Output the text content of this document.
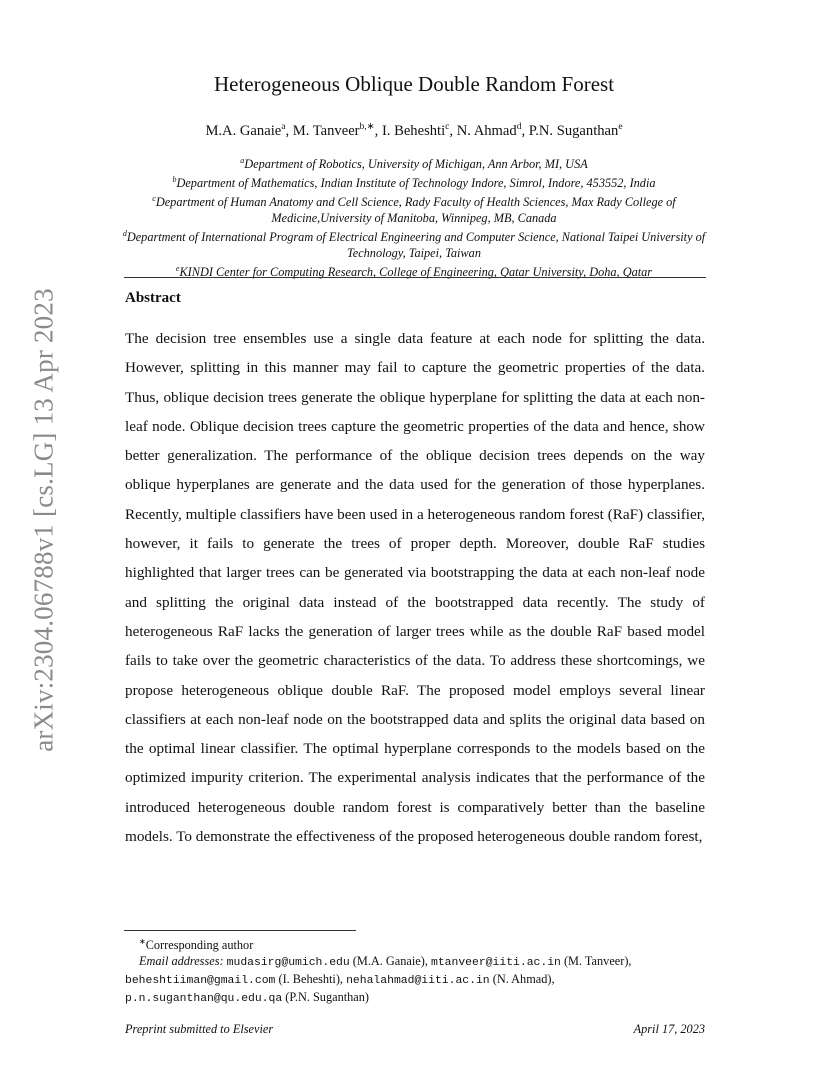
arXiv:2304.06788v1 [cs.LG] 13 Apr 2023
Heterogeneous Oblique Double Random Forest
M.A. Ganaie$^a$, M. Tanveer$^{b,∗}$, I. Beheshti$^c$, N. Ahmad$^d$, P.N. Suganthan$^e$
$^a$Department of Robotics, University of Michigan, Ann Arbor, MI, USA
$^b$Department of Mathematics, Indian Institute of Technology Indore, Simrol, Indore, 453552, India
$^c$Department of Human Anatomy and Cell Science, Rady Faculty of Health Sciences, Max Rady College of Medicine,University of Manitoba, Winnipeg, MB, Canada
$^d$Department of International Program of Electrical Engineering and Computer Science, National Taipei University of Technology, Taipei, Taiwan
$^e$KINDI Center for Computing Research, College of Engineering, Qatar University, Doha, Qatar
Abstract
The decision tree ensembles use a single data feature at each node for splitting the data. However, splitting in this manner may fail to capture the geometric properties of the data. Thus, oblique decision trees generate the oblique hyperplane for splitting the data at each non-leaf node. Oblique decision trees capture the geometric properties of the data and hence, show better generalization. The performance of the oblique decision trees depends on the way oblique hyperplanes are generate and the data used for the generation of those hyperplanes. Recently, multiple classifiers have been used in a heterogeneous random forest (RaF) classifier, however, it fails to generate the trees of proper depth. Moreover, double RaF studies highlighted that larger trees can be generated via bootstrapping the data at each non-leaf node and splitting the original data instead of the bootstrapped data recently. The study of heterogeneous RaF lacks the generation of larger trees while as the double RaF based model fails to take over the geometric characteristics of the data. To address these shortcomings, we propose heterogeneous oblique double RaF. The proposed model employs several linear classifiers at each non-leaf node on the bootstrapped data and splits the original data based on the optimal linear classifier. The optimal hyperplane corresponds to the models based on the optimized impurity criterion. The experimental analysis indicates that the performance of the introduced heterogeneous double random forest is comparatively better than the baseline models. To demonstrate the effectiveness of the proposed heterogeneous double random forest,
∗Corresponding author
Email addresses: mudasirg@umich.edu (M.A. Ganaie), mtanveer@iiti.ac.in (M. Tanveer),
beheshtiiman@gmail.com (I. Beheshti), nehalahmad@iiti.ac.in (N. Ahmad),
p.n.suganthan@qu.edu.qa (P.N. Suganthan)
Preprint submitted to Elsevier	April 17, 2023
